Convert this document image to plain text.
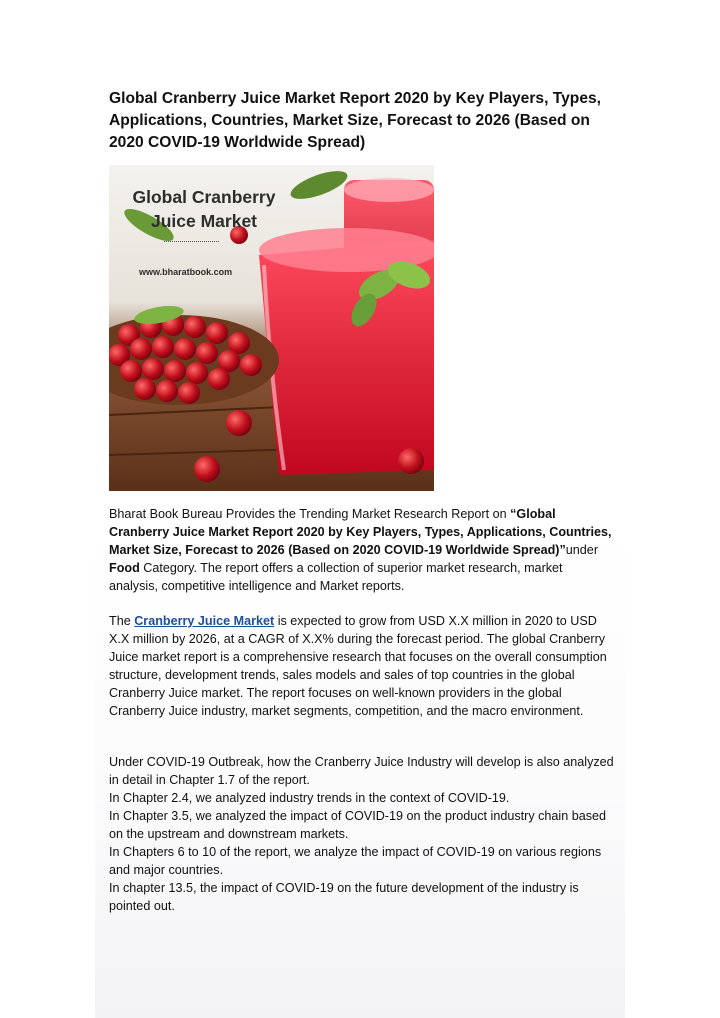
Global Cranberry Juice Market Report 2020 by Key Players, Types, Applications, Countries, Market Size, Forecast to 2026 (Based on 2020 COVID-19 Worldwide Spread)
Global Cranberry
Juice Market
www.bharatbook.com

Bharat Book Bureau Provides the Trending Market Research Report on “Global Cranberry Juice Market Report 2020 by Key Players, Types, Applications, Countries, Market Size, Forecast to 2026 (Based on 2020 COVID-19 Worldwide Spread)”under Food Category. The report offers a collection of superior market research, market analysis, competitive intelligence and Market reports.

The Cranberry Juice Market is expected to grow from USD X.X million in 2020 to USD X.X million by 2026, at a CAGR of X.X% during the forecast period. The global Cranberry Juice market report is a comprehensive research that focuses on the overall consumption structure, development trends, sales models and sales of top countries in the global Cranberry Juice market. The report focuses on well-known providers in the global Cranberry Juice industry, market segments, competition, and the macro environment.

Under COVID-19 Outbreak, how the Cranberry Juice Industry will develop is also analyzed in detail in Chapter 1.7 of the report.
In Chapter 2.4, we analyzed industry trends in the context of COVID-19.
In Chapter 3.5, we analyzed the impact of COVID-19 on the product industry chain based on the upstream and downstream markets.
In Chapters 6 to 10 of the report, we analyze the impact of COVID-19 on various regions and major countries.
In chapter 13.5, the impact of COVID-19 on the future development of the industry is pointed out.
